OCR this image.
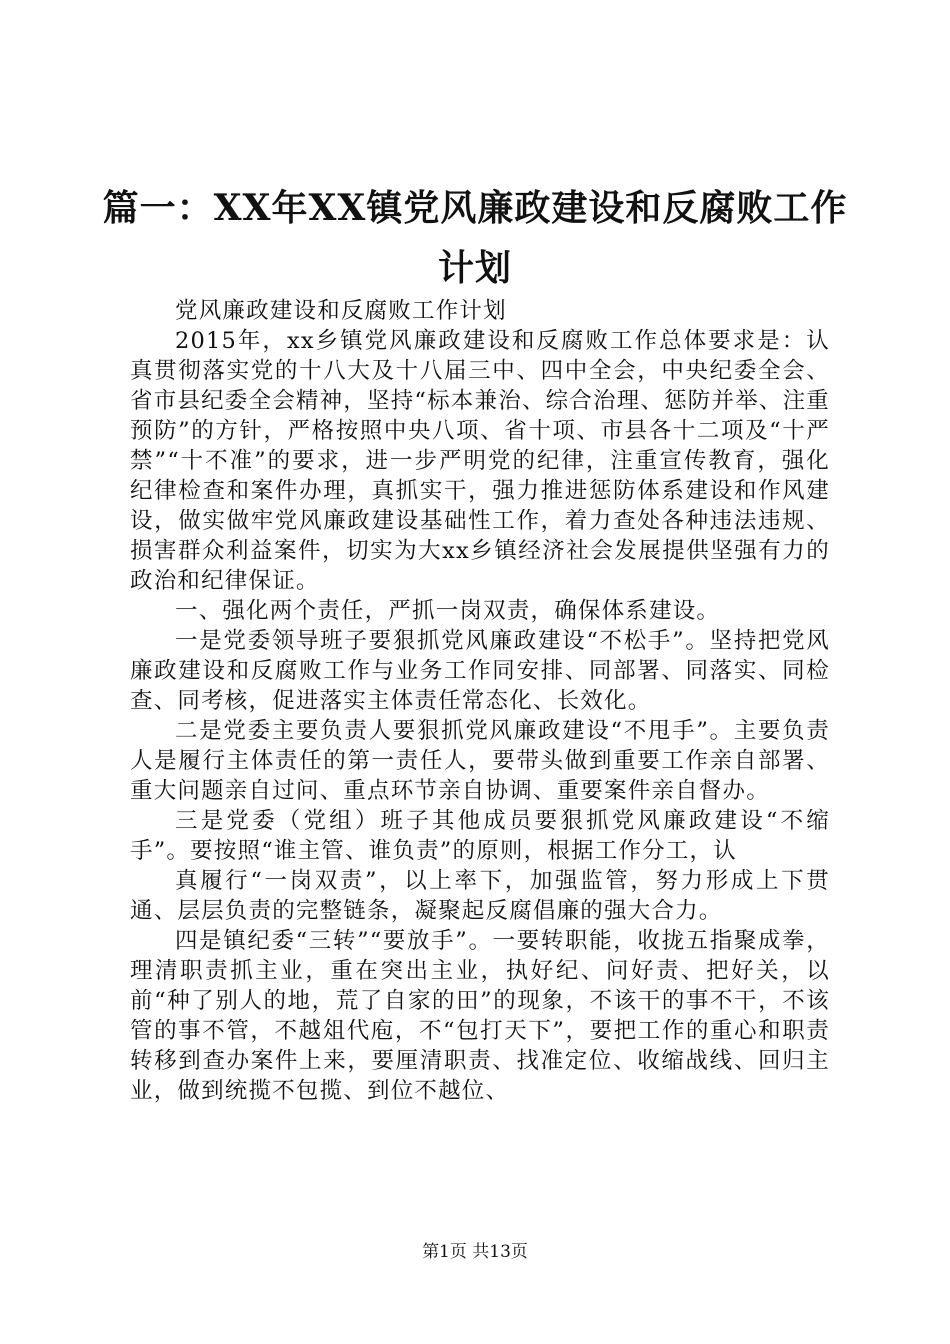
篇一：XX年XX镇党风廉政建设和反腐败工作计划

党风廉政建设和反腐败工作计划

2015年，xx乡镇党风廉政建设和反腐败工作总体要求是：认真贯彻落实党的十八大及十八届三中、四中全会，中央纪委全会、省市县纪委全会精神，坚持“标本兼治、综合治理、惩防并举、注重预防”的方针，严格按照中央八项、省十项、市县各十二项及“十严禁”“十不准”的要求，进一步严明党的纪律，注重宣传教育，强化纪律检查和案件办理，真抓实干，强力推进惩防体系建设和作风建设，做实做牢党风廉政建设基础性工作，着力查处各种违法违规、损害群众利益案件，切实为大xx乡镇经济社会发展提供坚强有力的政治和纪律保证。

一、强化两个责任，严抓一岗双责，确保体系建设。

一是党委领导班子要狠抓党风廉政建设“不松手”。坚持把党风廉政建设和反腐败工作与业务工作同安排、同部署、同落实、同检查、同考核，促进落实主体责任常态化、长效化。

二是党委主要负责人要狠抓党风廉政建设“不甩手”。主要负责人是履行主体责任的第一责任人，要带头做到重要工作亲自部署、重大问题亲自过问、重点环节亲自协调、重要案件亲自督办。

三是党委（党组）班子其他成员要狠抓党风廉政建设“不缩手”。要按照“谁主管、谁负责”的原则，根据工作分工，认

真履行“一岗双责”，以上率下，加强监管，努力形成上下贯通、层层负责的完整链条，凝聚起反腐倡廉的强大合力。

四是镇纪委“三转”“要放手”。一要转职能，收拢五指聚成拳，理清职责抓主业，重在突出主业，执好纪、问好责、把好关，以前“种了别人的地，荒了自家的田”的现象，不该干的事不干，不该管的事不管，不越俎代庖，不“包打天下”，要把工作的重心和职责转移到查办案件上来，要厘清职责、找准定位、收缩战线、回归主业，做到统揽不包揽、到位不越位、

第1页 共13页
